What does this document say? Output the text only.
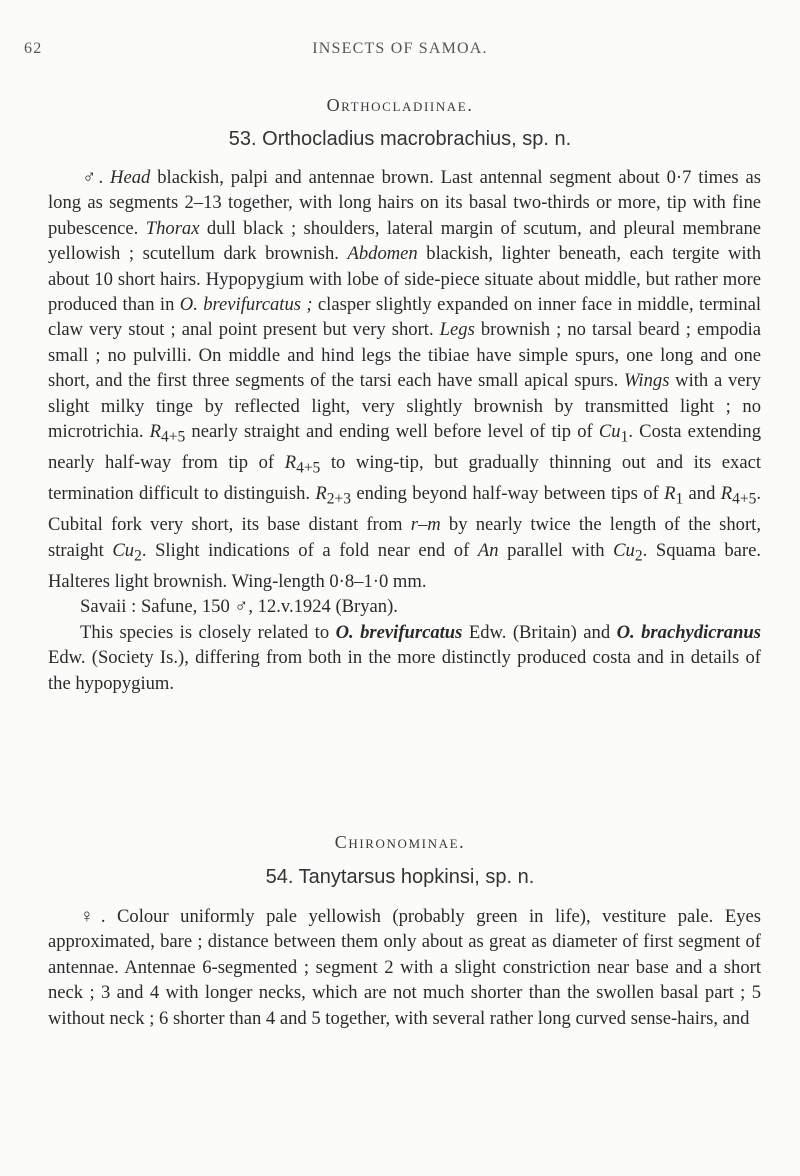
62	INSECTS OF SAMOA.
Orthocladiinae.
53. Orthocladius macrobrachius, sp. n.

♂. Head blackish, palpi and antennae brown. Last antennal segment about 0·7 times as long as segments 2–13 together, with long hairs on its basal two-thirds or more, tip with fine pubescence. Thorax dull black ; shoulders, lateral margin of scutum, and pleural membrane yellowish ; scutellum dark brownish. Abdomen blackish, lighter beneath, each tergite with about 10 short hairs. Hypopygium with lobe of side-piece situate about middle, but rather more produced than in O. brevifurcatus ; clasper slightly expanded on inner face in middle, terminal claw very stout ; anal point present but very short. Legs brownish ; no tarsal beard ; empodia small ; no pulvilli. On middle and hind legs the tibiae have simple spurs, one long and one short, and the first three segments of the tarsi each have small apical spurs. Wings with a very slight milky tinge by reflected light, very slightly brownish by transmitted light ; no microtrichia. $R_{4+5}$ nearly straight and ending well before level of tip of $Cu_1$. Costa extending nearly half-way from tip of $R_{4+5}$ to wing-tip, but gradually thinning out and its exact termination difficult to distinguish. $R_{2+3}$ ending beyond half-way between tips of $R_1$ and $R_{4+5}$. Cubital fork very short, its base distant from r–m by nearly twice the length of the short, straight $Cu_2$. Slight indications of a fold near end of An parallel with $Cu_2$. Squama bare. Halteres light brownish. Wing-length 0·8–1·0 mm.

Savaii : Safune, 150 ♂, 12.v.1924 (Bryan).

This species is closely related to O. brevifurcatus Edw. (Britain) and O. brachydicranus Edw. (Society Is.), differing from both in the more distinctly produced costa and in details of the hypopygium.

Chironominae.
54. Tanytarsus hopkinsi, sp. n.

♀. Colour uniformly pale yellowish (probably green in life), vestiture pale. Eyes approximated, bare ; distance between them only about as great as diameter of first segment of antennae. Antennae 6-segmented ; segment 2 with a slight constriction near base and a short neck ; 3 and 4 with longer necks, which are not much shorter than the swollen basal part ; 5 without neck ; 6 shorter than 4 and 5 together, with several rather long curved sense-hairs, and
